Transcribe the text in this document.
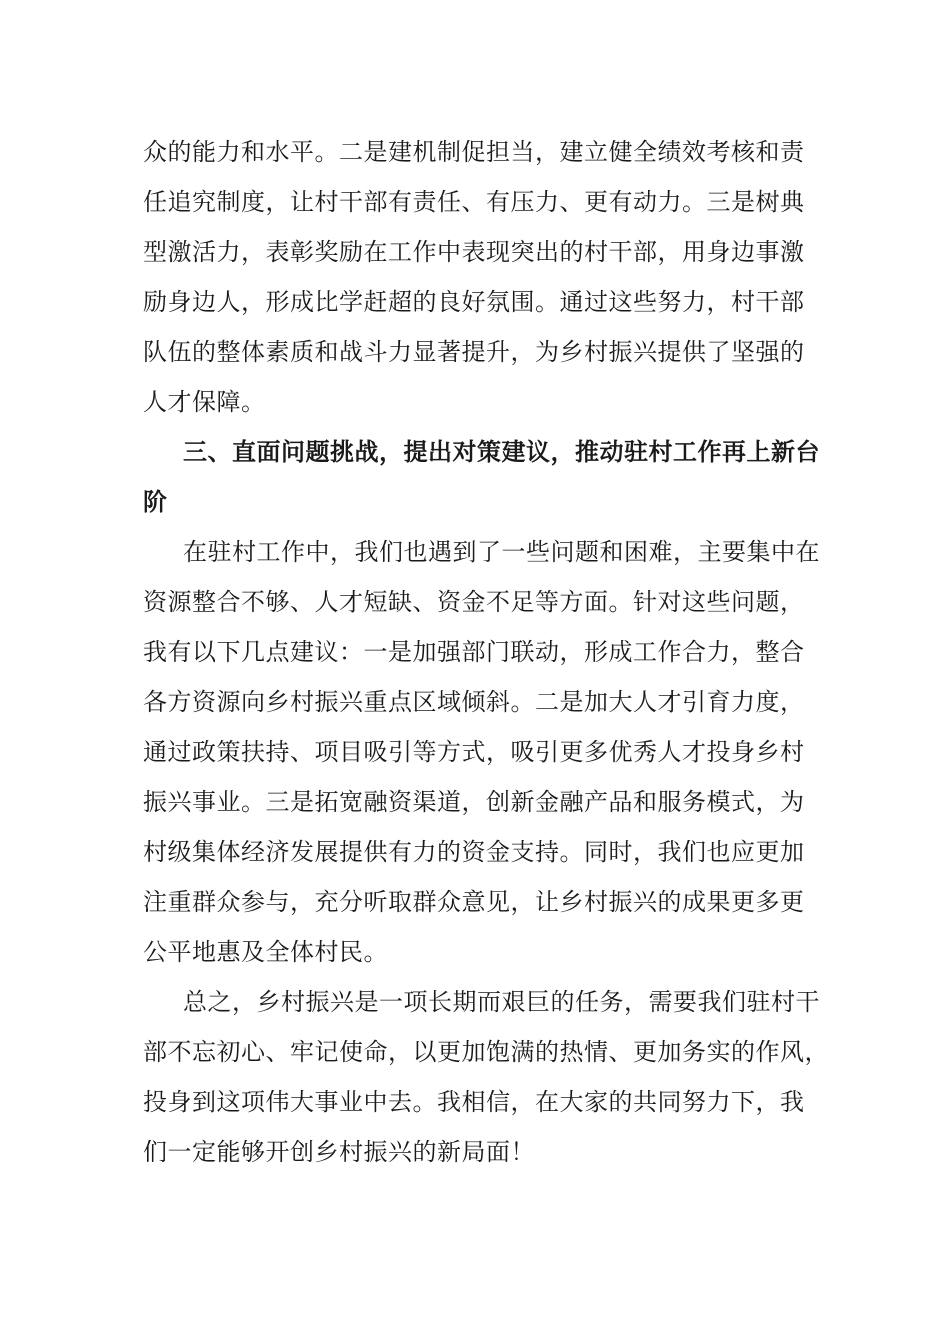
众的能力和水平。二是建机制促担当，建立健全绩效考核和责
任追究制度，让村干部有责任、有压力、更有动力。三是树典
型激活力，表彰奖励在工作中表现突出的村干部，用身边事激
励身边人，形成比学赶超的良好氛围。通过这些努力，村干部
队伍的整体素质和战斗力显著提升，为乡村振兴提供了坚强的
人才保障。
三、直面问题挑战，提出对策建议，推动驻村工作再上新台
阶
在驻村工作中，我们也遇到了一些问题和困难，主要集中在
资源整合不够、人才短缺、资金不足等方面。针对这些问题，
我有以下几点建议：一是加强部门联动，形成工作合力，整合
各方资源向乡村振兴重点区域倾斜。二是加大人才引育力度，
通过政策扶持、项目吸引等方式，吸引更多优秀人才投身乡村
振兴事业。三是拓宽融资渠道，创新金融产品和服务模式，为
村级集体经济发展提供有力的资金支持。同时，我们也应更加
注重群众参与，充分听取群众意见，让乡村振兴的成果更多更
公平地惠及全体村民。
总之，乡村振兴是一项长期而艰巨的任务，需要我们驻村干
部不忘初心、牢记使命，以更加饱满的热情、更加务实的作风，
投身到这项伟大事业中去。我相信，在大家的共同努力下，我
们一定能够开创乡村振兴的新局面！
